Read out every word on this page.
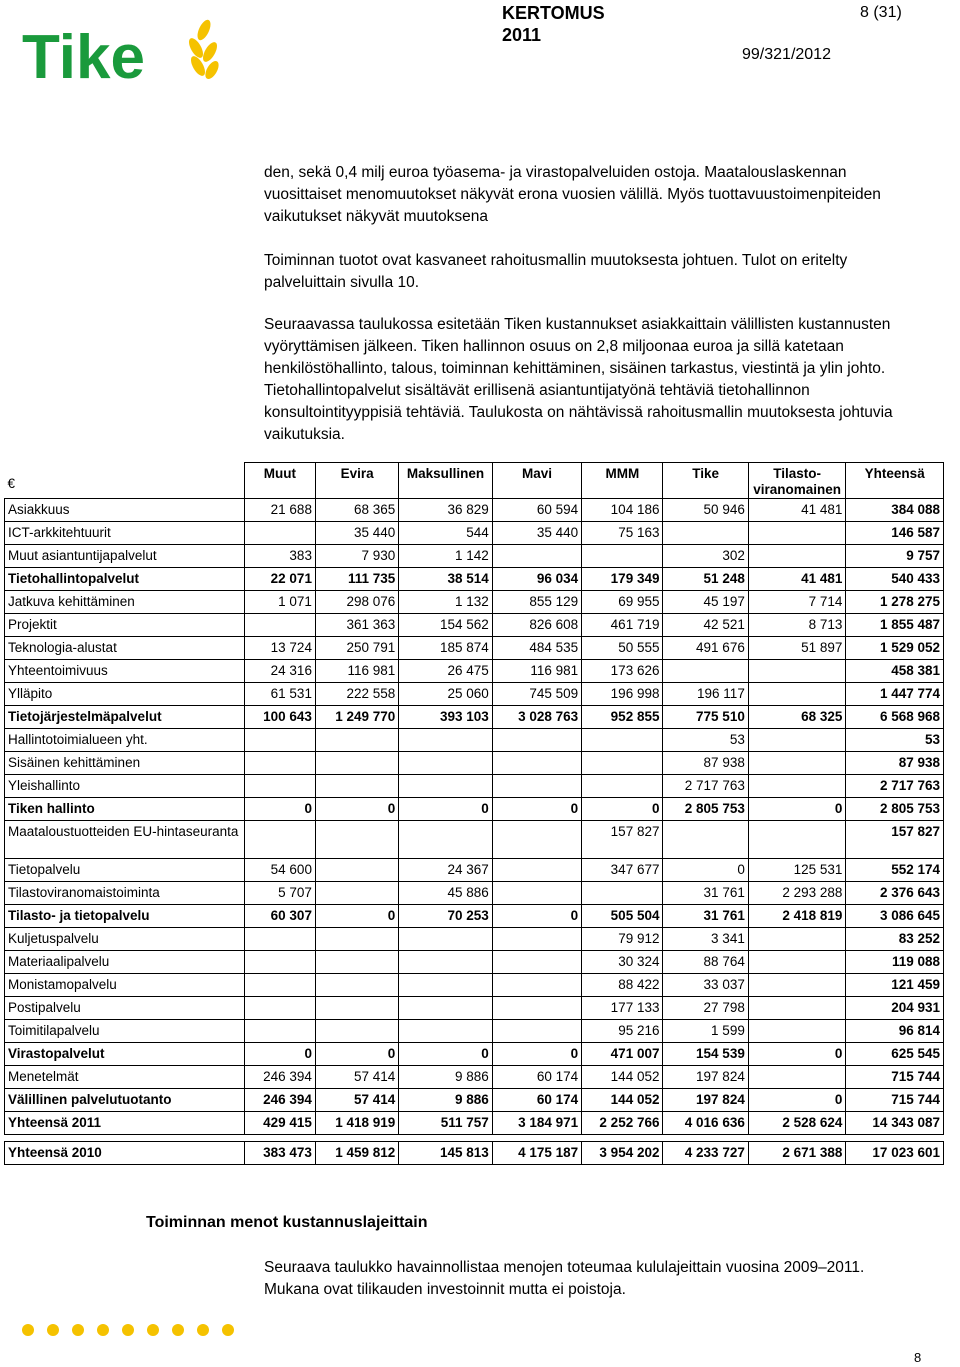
Tike
KERTOMUS
2011
8 (31)
99/321/2012
den, sekä 0,4 milj euroa työasema- ja virastopalveluiden ostoja. Maatalouslaskennan vuosittaiset menomuutokset näkyvät erona vuosien välillä. Myös tuottavuustoimenpiteiden vaikutukset näkyvät muutoksena
Toiminnan tuotot ovat kasvaneet rahoitusmallin muutoksesta johtuen. Tulot on eritelty palveluittain sivulla 10.
Seuraavassa taulukossa esitetään Tiken kustannukset asiakkaittain välillisten kustannusten vyöryttämisen jälkeen. Tiken hallinnon osuus on 2,8 miljoonaa euroa ja sillä katetaan henkilöstöhallinto, talous, toiminnan kehittäminen, sisäinen tarkastus, viestintä ja ylin johto. Tietohallintopalvelut sisältävät erillisenä asiantuntijatyönä tehtäviä tietohallinnon konsultointityyppisiä tehtäviä. Taulukosta on nähtävissä rahoitusmallin muutoksesta johtuvia vaikutuksia.
€	Muut	Evira	Maksullinen	Mavi	MMM	Tike	Tilasto-viranomainen	Yhteensä
Asiakkuus	21 688	68 365	36 829	60 594	104 186	50 946	41 481	384 088
ICT-arkkitehtuurit		35 440	544	35 440	75 163			146 587
Muut asiantuntijapalvelut	383	7 930	1 142			302		9 757
Tietohallintopalvelut	22 071	111 735	38 514	96 034	179 349	51 248	41 481	540 433
Jatkuva kehittäminen	1 071	298 076	1 132	855 129	69 955	45 197	7 714	1 278 275
Projektit		361 363	154 562	826 608	461 719	42 521	8 713	1 855 487
Teknologia-alustat	13 724	250 791	185 874	484 535	50 555	491 676	51 897	1 529 052
Yhteentoimivuus	24 316	116 981	26 475	116 981	173 626			458 381
Ylläpito	61 531	222 558	25 060	745 509	196 998	196 117		1 447 774
Tietojärjestelmäpalvelut	100 643	1 249 770	393 103	3 028 763	952 855	775 510	68 325	6 568 968
Hallintotoimialueen yht.						53		53
Sisäinen kehittäminen						87 938		87 938
Yleishallinto						2 717 763		2 717 763
Tiken hallinto	0	0	0	0	0	2 805 753	0	2 805 753
Maataloustuotteiden EU-hintaseuranta					157 827			157 827
Tietopalvelu	54 600		24 367		347 677	0	125 531	552 174
Tilastoviranomaistoiminta	5 707		45 886			31 761	2 293 288	2 376 643
Tilasto- ja tietopalvelu	60 307	0	70 253	0	505 504	31 761	2 418 819	3 086 645
Kuljetuspalvelu					79 912	3 341		83 252
Materiaalipalvelu					30 324	88 764		119 088
Monistamopalvelu					88 422	33 037		121 459
Postipalvelu					177 133	27 798		204 931
Toimitilapalvelu					95 216	1 599		96 814
Virastopalvelut	0	0	0	0	471 007	154 539	0	625 545
Menetelmät	246 394	57 414	9 886	60 174	144 052	197 824		715 744
Välillinen palvelutuotanto	246 394	57 414	9 886	60 174	144 052	197 824	0	715 744
Yhteensä 2011	429 415	1 418 919	511 757	3 184 971	2 252 766	4 016 636	2 528 624	14 343 087

Yhteensä 2010	383 473	1 459 812	145 813	4 175 187	3 954 202	4 233 727	2 671 388	17 023 601
Toiminnan menot kustannuslajeittain
Seuraava taulukko havainnollistaa menojen toteumaa kululajeittain vuosina 2009–2011. Mukana ovat tilikauden investoinnit mutta ei poistoja.
8
